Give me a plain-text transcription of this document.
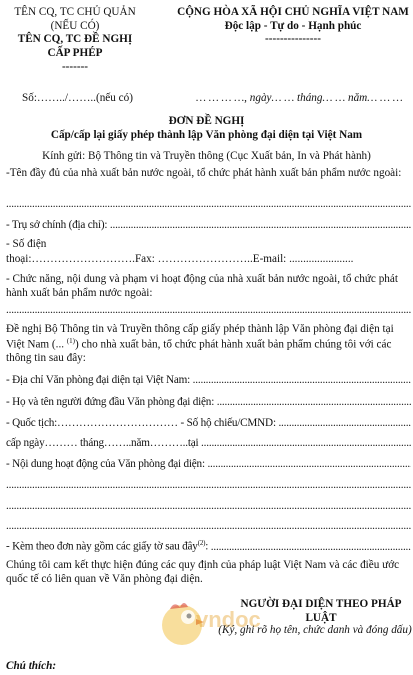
TÊN CQ, TC CHỦ QUẢN
(NẾU CÓ)
TÊN CQ, TC ĐỀ NGHỊ
CẤP PHÉP
-------
CỘNG HÒA XÃ HỘI CHỦ NGHĨA VIỆT NAM
Độc lập - Tự do - Hạnh phúc
---------------
Số:……../……..(nếu có)	… … … …, ngày… … tháng… … năm… … …
ĐƠN ĐỀ NGHỊ
Cấp/cấp lại giấy phép thành lập Văn phòng đại diện tại Việt Nam
Kính gửi: Bộ Thông tin và Truyền thông (Cục Xuất bản, In và Phát hành)
-Tên đầy đủ của nhà xuất bản nước ngoài, tổ chức phát hành xuất bản phẩm nước ngoài:
.....
- Trụ sở chính (địa chỉ): .....
- Số điện
thoại:……………………….Fax: ……………………..E-mail: .......................
- Chức năng, nội dung và phạm vi hoạt động của nhà xuất bản nước ngoài, tổ chức phát hành xuất bản phẩm nước ngoài:
.....
Đề nghị Bộ Thông tin và Truyền thông cấp giấy phép thành lập Văn phòng đại diện tại Việt Nam (... $^{(1)}$) cho nhà xuất bản, tổ chức phát hành xuất bản phẩm chúng tôi với các thông tin sau đây:
- Địa chỉ Văn phòng đại diện tại Việt Nam: .....
- Họ và tên người đứng đầu Văn phòng đại diện: .....
- Quốc tịch:…………………………… - Số hộ chiếu/CMND: .....
cấp ngày……… tháng……..năm………..tại .....
- Nội dung hoạt động của Văn phòng đại diện: .....
.....
.....
.....
- Kèm theo đơn này gồm các giấy tờ sau đây$^{(2)}$: .....
Chúng tôi cam kết thực hiện đúng các quy định của pháp luật Việt Nam và các điều ước quốc tế có liên quan về Văn phòng đại diện.
vndoc
NGƯỜI ĐẠI DIỆN THEO PHÁP LUẬT
(Ký, ghi rõ họ tên, chức danh và đóng dấu)
Chú thích:
